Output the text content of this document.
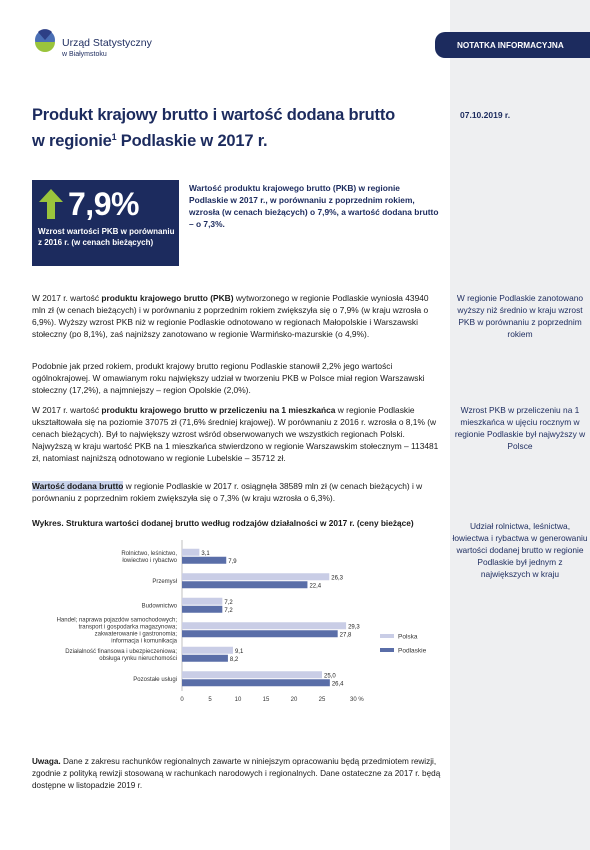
Urząd Statystyczny
w Białymstoku
NOTATKA INFORMACYJNA
Produkt krajowy brutto i wartość dodana brutto
w regionie$^1$ Podlaskie w 2017 r.
07.10.2019 r.
7,9%
Wzrost wartości PKB w porównaniu z 2016 r. (w cenach bieżących)
Wartość produktu krajowego brutto (PKB) w regionie Podlaskie w 2017 r., w porównaniu z poprzednim rokiem, wzrosła (w cenach bieżących) o 7,9%, a wartość dodana brutto – o 7,3%.
W 2017 r. wartość produktu krajowego brutto (PKB) wytworzonego w regionie Podlaskie wyniosła 43940 mln zł (w cenach bieżących) i w porównaniu z poprzednim rokiem zwiększyła się o 7,9% (w kraju wzrosła o 6,9%). Wyższy wzrost PKB niż w regionie Podlaskie odnotowano w regionach Małopolskie i Warszawski stołeczny (po 8,1%), zaś najniższy zanotowano w regionie Warmińsko-mazurskie (o 4,9%).
Podobnie jak przed rokiem, produkt krajowy brutto regionu Podlaskie stanowił 2,2% jego wartości ogólnokrajowej. W omawianym roku największy udział w tworzeniu PKB w Polsce miał region Warszawski stołeczny (17,2%), a najmniejszy – region Opolskie (2,0%).
W 2017 r. wartość produktu krajowego brutto w przeliczeniu na 1 mieszkańca w regionie Podlaskie ukształtowała się na poziomie 37075 zł (71,6% średniej krajowej). W porównaniu z 2016 r. wzrosła o 8,1% (w cenach bieżących). Był to największy wzrost wśród obserwowanych we wszystkich regionach Polski. Najwyższą w kraju wartość PKB na 1 mieszkańca stwierdzono w regionie Warszawskim stołecznym – 113481 zł, natomiast najniższą odnotowano w regionie Lubelskie – 35712 zł.
Wartość dodana brutto w regionie Podlaskie w 2017 r. osiągnęła 38589 mln zł (w cenach bieżących) i w porównaniu z poprzednim rokiem zwiększyła się o 7,3% (w kraju wzrosła o 6,3%).
W regionie Podlaskie zanotowano wyższy niż średnio w kraju wzrost PKB w porównaniu z poprzednim rokiem
Wzrost PKB w przeliczeniu na 1 mieszkańca w ujęciu rocznym w regionie Podlaskie był najwyższy w Polsce
Udział rolnictwa, leśnictwa, łowiectwa i rybactwa w generowaniu wartości dodanej brutto w regionie Podlaskie był jednym z największych w kraju
Wykres. Struktura wartości dodanej brutto według rodzajów działalności w 2017 r. (ceny bieżące)
Rolnictwo, leśnictwo,
łowiectwo i rybactwo
3,1
7,9
Przemysł
26,3
22,4
Budownictwo
7,2
7,2
Handel; naprawa pojazdów samochodowych;
transport i gospodarka magazynowa;
zakwaterowanie i gastronomia;
informacja i komunikacja
29,3
27,8
Działalność finansowa i ubezpieczeniowa;
obsługa rynku nieruchomości
9,1
8,2
Pozostałe usługi
25,0
26,4
0	5	10	15	20	25	30 %
Polska
Podlaskie
Uwaga. Dane z zakresu rachunków regionalnych zawarte w niniejszym opracowaniu będą przedmiotem rewizji, zgodnie z polityką rewizji stosowaną w rachunkach narodowych i regionalnych. Dane ostateczne za 2017 r. będą dostępne w listopadzie 2019 r.
